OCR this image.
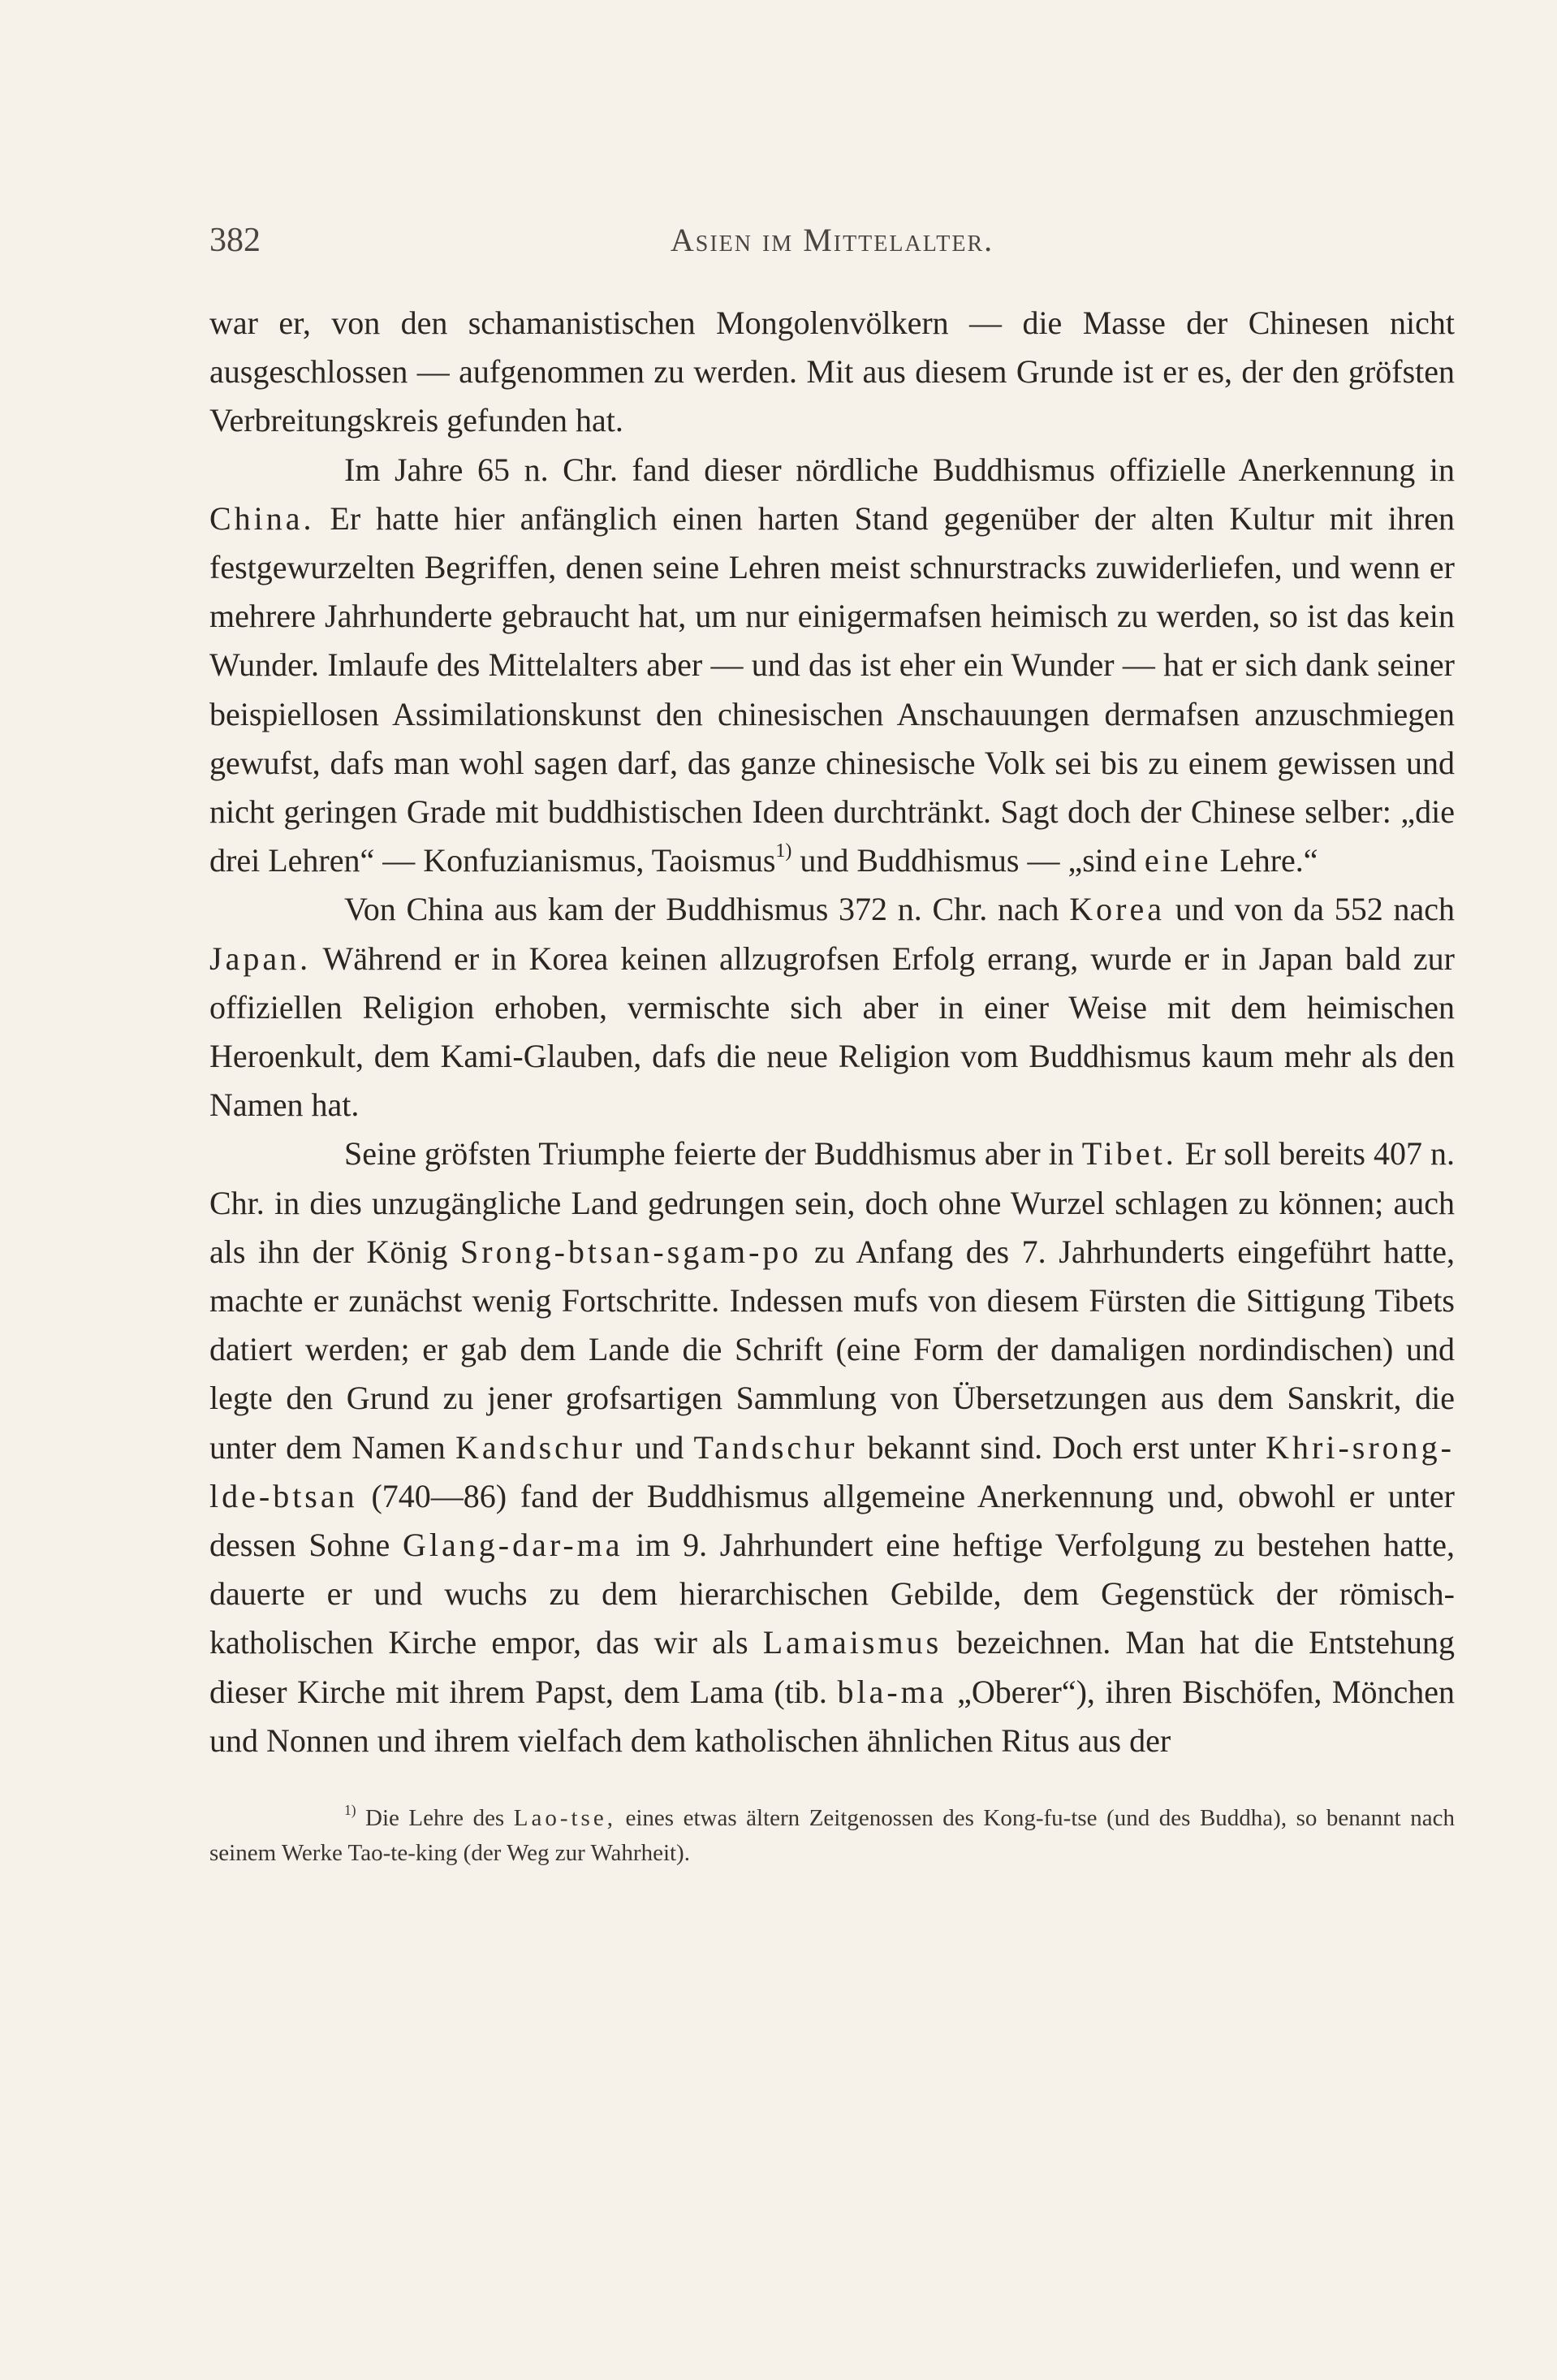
382	Asien im Mittelalter.

war er, von den schamanistischen Mongolenvölkern — die Masse der Chinesen nicht ausgeschlossen — aufgenommen zu werden. Mit aus diesem Grunde ist er es, der den gröfsten Verbreitungskreis gefunden hat.

Im Jahre 65 n. Chr. fand dieser nördliche Buddhismus offizielle Anerkennung in China. Er hatte hier anfänglich einen harten Stand gegenüber der alten Kultur mit ihren festgewurzelten Begriffen, denen seine Lehren meist schnurstracks zuwiderliefen, und wenn er mehrere Jahrhunderte gebraucht hat, um nur einigermafsen heimisch zu werden, so ist das kein Wunder. Imlaufe des Mittelalters aber — und das ist eher ein Wunder — hat er sich dank seiner beispiellosen Assimilationskunst den chinesischen Anschauungen dermafsen anzuschmiegen gewufst, dafs man wohl sagen darf, das ganze chinesische Volk sei bis zu einem gewissen und nicht geringen Grade mit buddhistischen Ideen durchtränkt. Sagt doch der Chinese selber: „die drei Lehren“ — Konfuzianismus, Taoismus$^{1)}$ und Buddhismus — „sind eine Lehre.“

Von China aus kam der Buddhismus 372 n. Chr. nach Korea und von da 552 nach Japan. Während er in Korea keinen allzugrofsen Erfolg errang, wurde er in Japan bald zur offiziellen Religion erhoben, vermischte sich aber in einer Weise mit dem heimischen Heroenkult, dem Kami-Glauben, dafs die neue Religion vom Buddhismus kaum mehr als den Namen hat.

Seine gröfsten Triumphe feierte der Buddhismus aber in Tibet. Er soll bereits 407 n. Chr. in dies unzugängliche Land gedrungen sein, doch ohne Wurzel schlagen zu können; auch als ihn der König Srong-btsan-sgam-po zu Anfang des 7. Jahrhunderts eingeführt hatte, machte er zunächst wenig Fortschritte. Indessen mufs von diesem Fürsten die Sittigung Tibets datiert werden; er gab dem Lande die Schrift (eine Form der damaligen nordindischen) und legte den Grund zu jener grofsartigen Sammlung von Übersetzungen aus dem Sanskrit, die unter dem Namen Kandschur und Tandschur bekannt sind. Doch erst unter Khri-srong-lde-btsan (740—86) fand der Buddhismus allgemeine Anerkennung und, obwohl er unter dessen Sohne Glang-dar-ma im 9. Jahrhundert eine heftige Verfolgung zu bestehen hatte, dauerte er und wuchs zu dem hierarchischen Gebilde, dem Gegenstück der römisch-katholischen Kirche empor, das wir als Lamaismus bezeichnen. Man hat die Entstehung dieser Kirche mit ihrem Papst, dem Lama (tib. bla-ma „Oberer“), ihren Bischöfen, Mönchen und Nonnen und ihrem vielfach dem katholischen ähnlichen Ritus aus der

$^{1)}$ Die Lehre des Lao-tse, eines etwas ältern Zeitgenossen des Kong-fu-tse (und des Buddha), so benannt nach seinem Werke Tao-te-king (der Weg zur Wahrheit).
